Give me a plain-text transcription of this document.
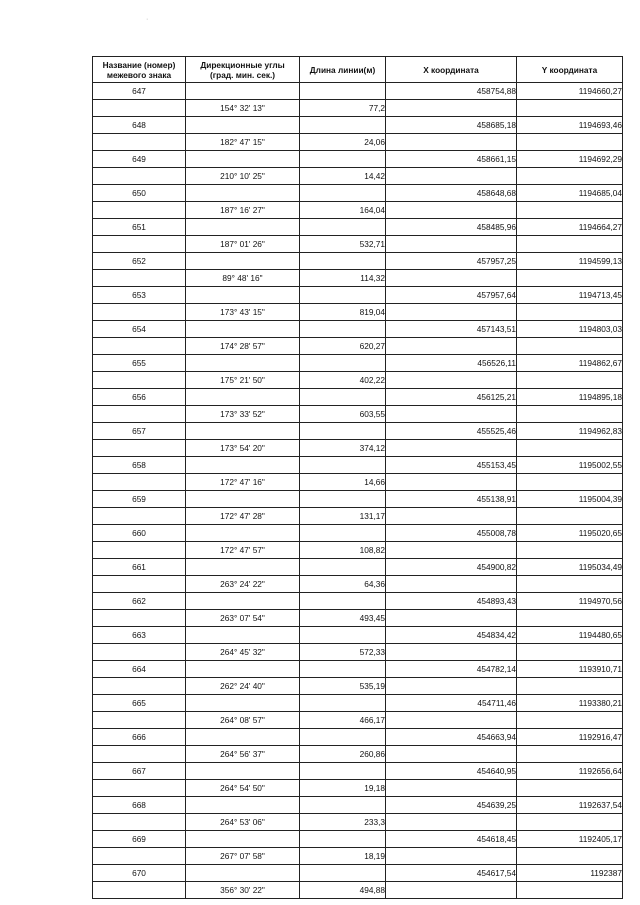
·
Название (номер) межевого знака	Дирекционные углы (град. мин. сек.)	Длина линии(м)	X координата	Y координата
647			458754,88	1194660,27
	154° 32' 13"	77,2		
648			458685,18	1194693,46
	182° 47' 15"	24,06		
649			458661,15	1194692,29
	210° 10' 25"	14,42		
650			458648,68	1194685,04
	187° 16' 27"	164,04		
651			458485,96	1194664,27
	187° 01' 26"	532,71		
652			457957,25	1194599,13
	89° 48' 16"	114,32		
653			457957,64	1194713,45
	173° 43' 15"	819,04		
654			457143,51	1194803,03
	174° 28' 57"	620,27		
655			456526,11	1194862,67
	175° 21' 50"	402,22		
656			456125,21	1194895,18
	173° 33' 52"	603,55		
657			455525,46	1194962,83
	173° 54' 20"	374,12		
658			455153,45	1195002,55
	172° 47' 16"	14,66		
659			455138,91	1195004,39
	172° 47' 28"	131,17		
660			455008,78	1195020,65
	172° 47' 57"	108,82		
661			454900,82	1195034,49
	263° 24' 22"	64,36		
662			454893,43	1194970,56
	263° 07' 54"	493,45		
663			454834,42	1194480,65
	264° 45' 32"	572,33		
664			454782,14	1193910,71
	262° 24' 40"	535,19		
665			454711,46	1193380,21
	264° 08' 57"	466,17		
666			454663,94	1192916,47
	264° 56' 37"	260,86		
667			454640,95	1192656,64
	264° 54' 50"	19,18		
668			454639,25	1192637,54
	264° 53' 06"	233,3		
669			454618,45	1192405,17
	267° 07' 58"	18,19		
670			454617,54	1192387
	356° 30' 22"	494,88		
